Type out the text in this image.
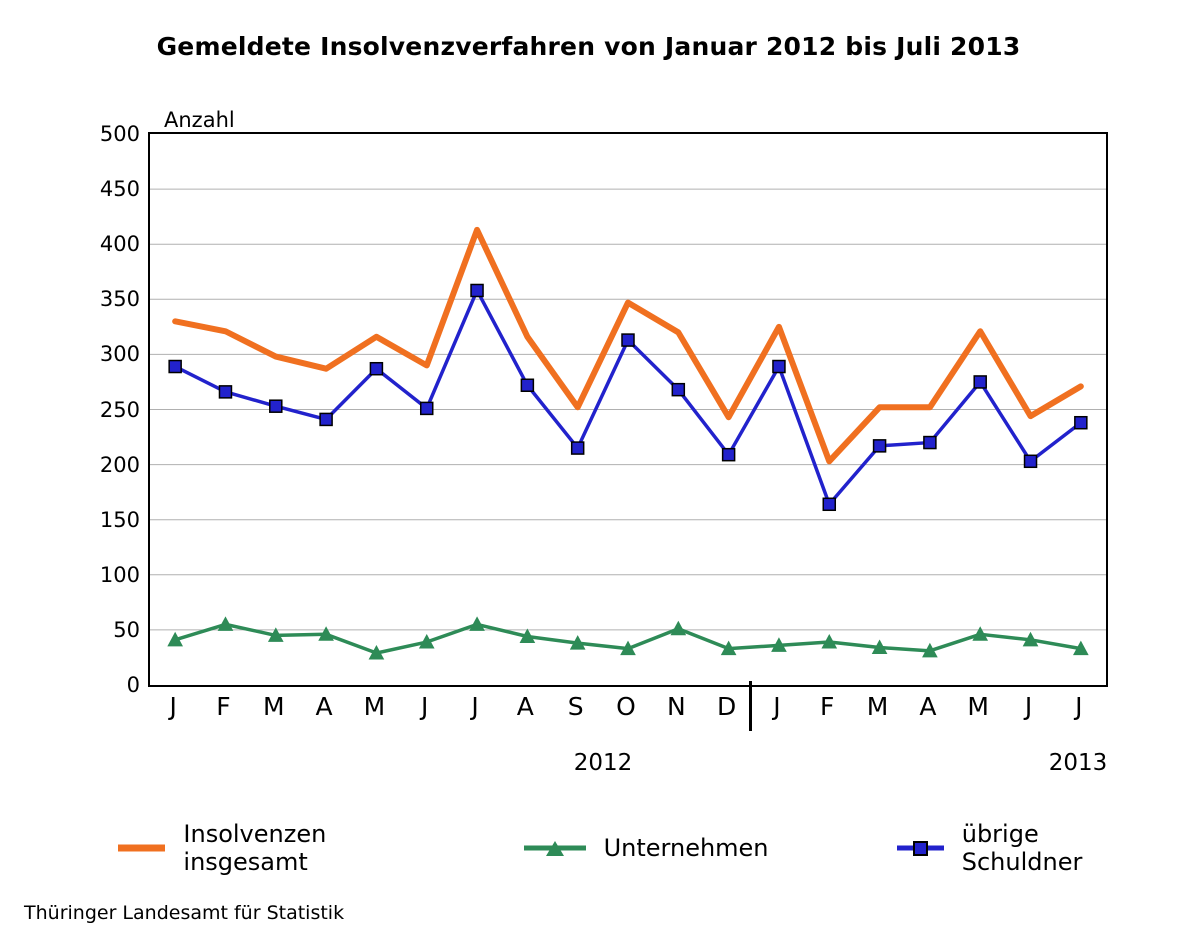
Gemeldete Insolvenzverfahren von Januar 2012 bis Juli 2013
Anzahl
0
50
100
150
200
250
300
350
400
450
500
J F M A M J J A S O N D J F M A M J J
Insolvenzen insgesamt	Unternehmen	übrige Schuldner
Thüringer Landesamt für Statistik
2012	2013
